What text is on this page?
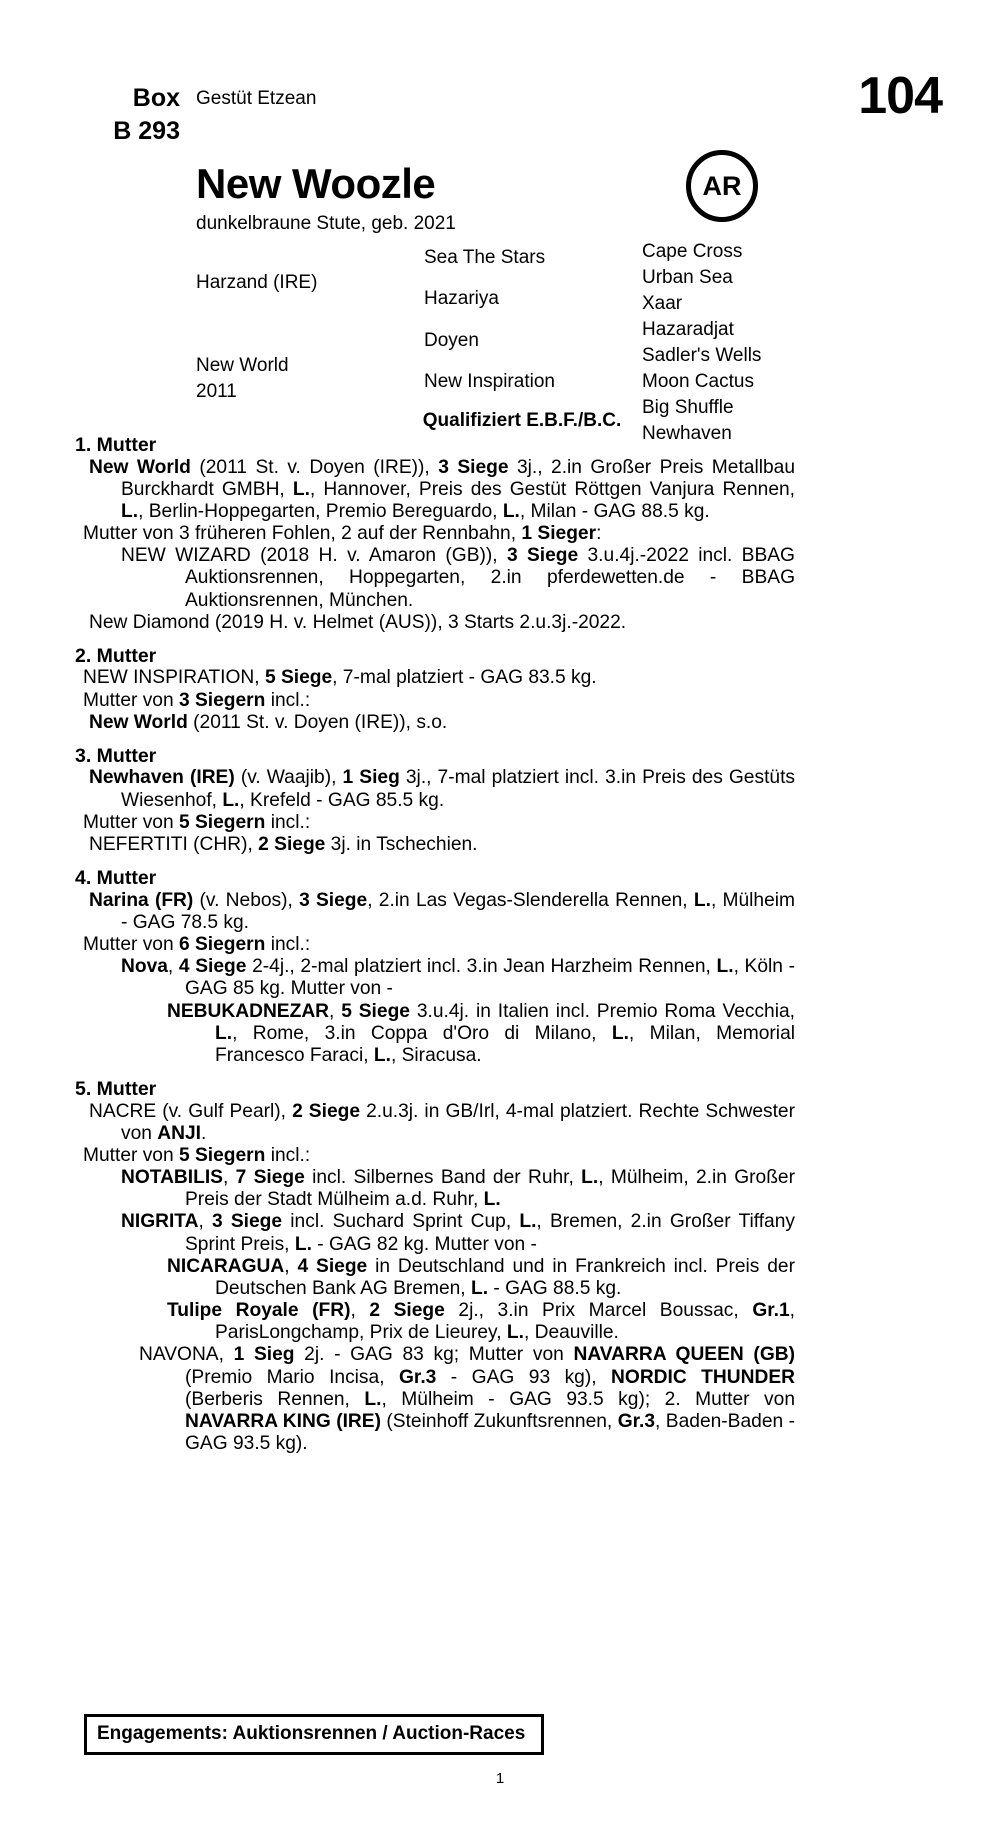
Box
B 293
Gestüt Etzean	104
AR
New Woozle
dunkelbraune Stute, geb. 2021
Harzand (IRE)
New World
2011
Sea The Stars
Hazariya
Doyen
New Inspiration
Cape Cross
Urban Sea
Xaar
Hazaradjat
Sadler's Wells
Moon Cactus
Big Shuffle
Newhaven
Qualifiziert E.B.F./B.C.
1. Mutter

New World (2011 St. v. Doyen (IRE)), 3 Siege 3j., 2.in Großer Preis Metallbau Burckhardt GMBH, L., Hannover, Preis des Gestüt Röttgen Vanjura Rennen, L., Berlin-Hoppegarten, Premio Bereguardo, L., Milan - GAG 88.5 kg.

Mutter von 3 früheren Fohlen, 2 auf der Rennbahn, 1 Sieger:

NEW WIZARD (2018 H. v. Amaron (GB)), 3 Siege 3.u.4j.-2022 incl. BBAG Auktionsrennen, Hoppegarten, 2.in pferdewetten.de - BBAG Auktionsrennen, München.

New Diamond (2019 H. v. Helmet (AUS)), 3 Starts 2.u.3j.-2022.

2. Mutter

NEW INSPIRATION, 5 Siege, 7-mal platziert - GAG 83.5 kg.

Mutter von 3 Siegern incl.:

New World (2011 St. v. Doyen (IRE)), s.o.

3. Mutter

Newhaven (IRE) (v. Waajib), 1 Sieg 3j., 7-mal platziert incl. 3.in Preis des Gestüts Wiesenhof, L., Krefeld - GAG 85.5 kg.

Mutter von 5 Siegern incl.:

NEFERTITI (CHR), 2 Siege 3j. in Tschechien.

4. Mutter

Narina (FR) (v. Nebos), 3 Siege, 2.in Las Vegas-Slenderella Rennen, L., Mülheim - GAG 78.5 kg.

Mutter von 6 Siegern incl.:

Nova, 4 Siege 2-4j., 2-mal platziert incl. 3.in Jean Harzheim Rennen, L., Köln - GAG 85 kg. Mutter von -

NEBUKADNEZAR, 5 Siege 3.u.4j. in Italien incl. Premio Roma Vecchia, L., Rome, 3.in Coppa d'Oro di Milano, L., Milan, Memorial Francesco Faraci, L., Siracusa.

5. Mutter

NACRE (v. Gulf Pearl), 2 Siege 2.u.3j. in GB/Irl, 4-mal platziert. Rechte Schwester von ANJI.

Mutter von 5 Siegern incl.:

NOTABILIS, 7 Siege incl. Silbernes Band der Ruhr, L., Mülheim, 2.in Großer Preis der Stadt Mülheim a.d. Ruhr, L.

NIGRITA, 3 Siege incl. Suchard Sprint Cup, L., Bremen, 2.in Großer Tiffany Sprint Preis, L. - GAG 82 kg. Mutter von -

NICARAGUA, 4 Siege in Deutschland und in Frankreich incl. Preis der Deutschen Bank AG Bremen, L. - GAG 88.5 kg.

Tulipe Royale (FR), 2 Siege 2j., 3.in Prix Marcel Boussac, Gr.1, ParisLongchamp, Prix de Lieurey, L., Deauville.

NAVONA, 1 Sieg 2j. - GAG 83 kg; Mutter von NAVARRA QUEEN (GB) (Premio Mario Incisa, Gr.3 - GAG 93 kg), NORDIC THUNDER (Berberis Rennen, L., Mülheim - GAG 93.5 kg); 2. Mutter von NAVARRA KING (IRE) (Steinhoff Zukunftsrennen, Gr.3, Baden-Baden - GAG 93.5 kg).

Engagements: Auktionsrennen / Auction-Races
1
